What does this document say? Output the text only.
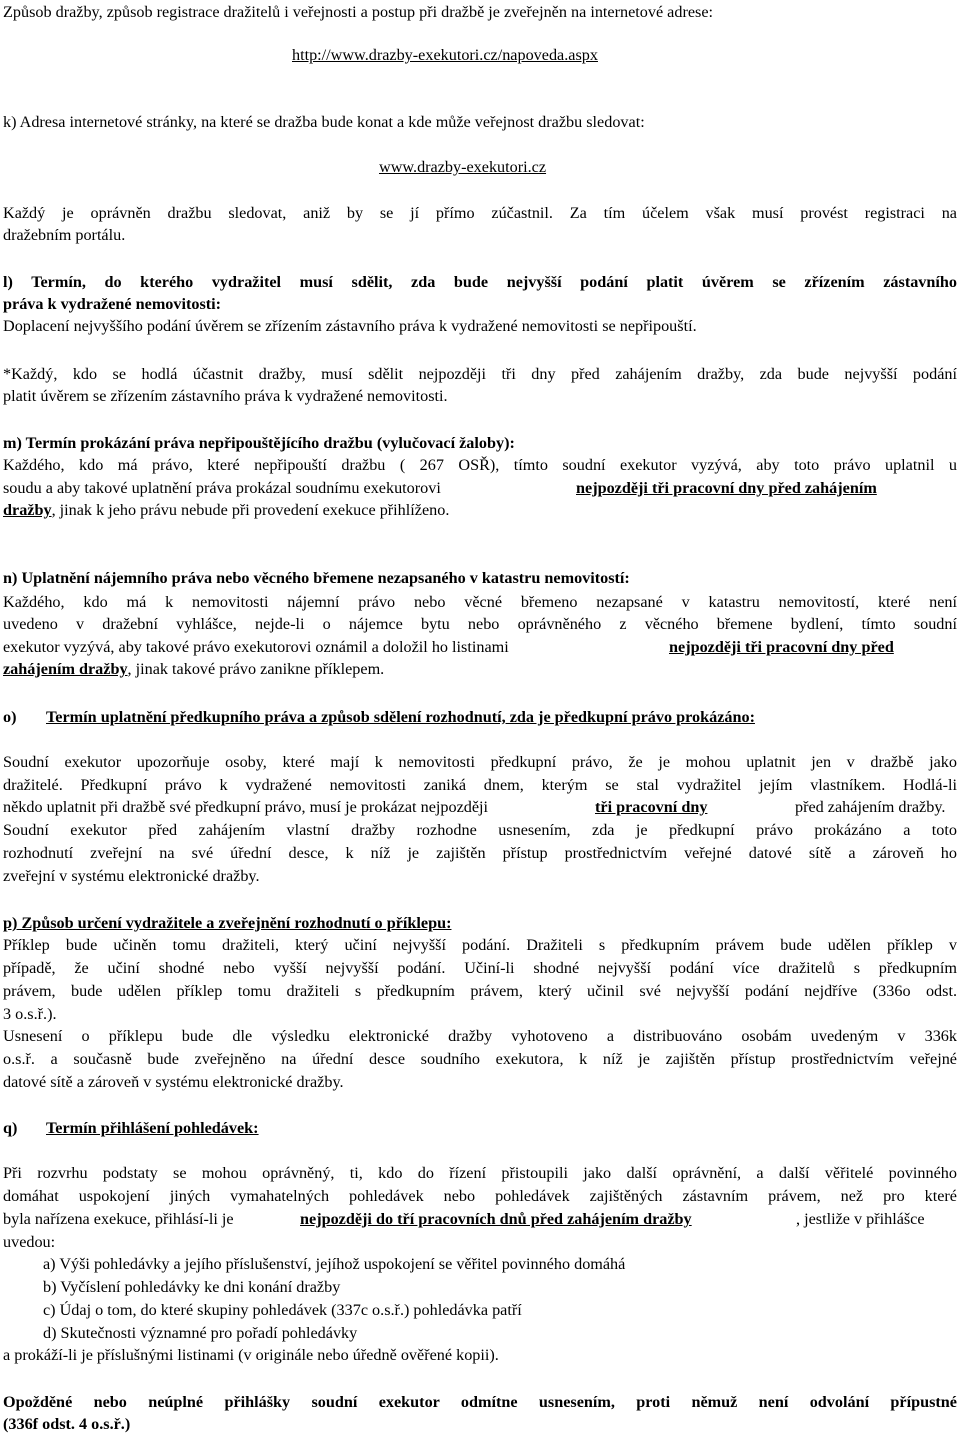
Způsob dražby, způsob registrace dražitelů i veřejnosti a postup při dražbě je zveřejněn na internetové adrese:
http://www.drazby-exekutori.cz/napoveda.aspx
k) Adresa internetové stránky, na které se dražba bude konat a kde může veřejnost dražbu sledovat:
www.drazby-exekutori.cz
Každý je oprávněn dražbu sledovat, aniž by se jí přímo zúčastnil. Za tím účelem však musí provést registraci na
dražebním portálu.
l) Termín, do kterého vydražitel musí sdělit, zda bude nejvyšší podání platit úvěrem se zřízením zástavního
práva k vydražené nemovitosti:
Doplacení nejvyššího podání úvěrem se zřízením zástavního práva k vydražené nemovitosti se nepřipouští.
*Každý, kdo se hodlá účastnit dražby, musí sdělit nejpozději tři dny před zahájením dražby, zda bude nejvyšší podání
platit úvěrem se zřízením zástavního práva k vydražené nemovitosti.
m) Termín prokázání práva nepřipouštějícího dražbu (vylučovací žaloby):
Každého, kdo má právo, které nepřipouští dražbu ( 267 OSŘ), tímto soudní exekutor vyzývá, aby toto právo uplatnil u
soudu a aby takové uplatnění práva prokázal soudnímu exekutorovi	nejpozději tři pracovní dny před zahájením
dražby, jinak k jeho právu nebude při provedení exekuce přihlíženo.
n) Uplatnění nájemního práva nebo věcného břemene nezapsaného v katastru nemovitostí:
Každého, kdo má k nemovitosti nájemní právo nebo věcné břemeno nezapsané v katastru nemovitostí, které není
uvedeno v dražební vyhlášce, nejde-li o nájemce bytu nebo oprávněného z věcného břemene bydlení, tímto soudní
exekutor vyzývá, aby takové právo exekutorovi oznámil a doložil ho listinami	nejpozději tři pracovní dny před
zahájením dražby, jinak takové právo zanikne příklepem.
o) Termín uplatnění předkupního práva a způsob sdělení rozhodnutí, zda je předkupní právo prokázáno:
Soudní exekutor upozorňuje osoby, které mají k nemovitosti předkupní právo, že je mohou uplatnit jen v dražbě jako
dražitelé. Předkupní právo k vydražené nemovitosti zaniká dnem, kterým se stal vydražitel jejím vlastníkem. Hodlá-li
někdo uplatnit při dražbě své předkupní právo, musí je prokázat nejpozději	tři pracovní dny	před zahájením dražby.
Soudní exekutor před zahájením vlastní dražby rozhodne usnesením, zda je předkupní právo prokázáno a toto
rozhodnutí zveřejní na své úřední desce, k níž je zajištěn přístup prostřednictvím veřejné datové sítě a zároveň ho
zveřejní v systému elektronické dražby.
p) Způsob určení vydražitele a zveřejnění rozhodnutí o příklepu:
Příklep bude učiněn tomu dražiteli, který učiní nejvyšší podání. Dražiteli s předkupním právem bude udělen příklep v
případě, že učiní shodné nebo vyšší nejvyšší podání. Učiní-li shodné nejvyšší podání více dražitelů s předkupním
právem, bude udělen příklep tomu dražiteli s předkupním právem, který učinil své nejvyšší podání nejdříve (336o odst.
3 o.s.ř.).
Usnesení o příklepu bude dle výsledku elektronické dražby vyhotoveno a distribuováno osobám uvedeným v 336k
o.s.ř. a současně bude zveřejněno na úřední desce soudního exekutora, k níž je zajištěn přístup prostřednictvím veřejné
datové sítě a zároveň v systému elektronické dražby.
q) Termín přihlášení pohledávek:
Při rozvrhu podstaty se mohou oprávněný, ti, kdo do řízení přistoupili jako další oprávnění, a další věřitelé povinného
domáhat uspokojení jiných vymahatelných pohledávek nebo pohledávek zajištěných zástavním právem, než pro které
byla nařízena exekuce, přihlásí-li je	nejpozději do tří pracovních dnů před zahájením dražby	, jestliže v přihlášce
uvedou:
a) Výši pohledávky a jejího příslušenství, jejíhož uspokojení se věřitel povinného domáhá
b) Vyčíslení pohledávky ke dni konání dražby
c) Údaj o tom, do které skupiny pohledávek (337c o.s.ř.) pohledávka patří
d) Skutečnosti významné pro pořadí pohledávky
a prokáží-li je příslušnými listinami (v originále nebo úředně ověřené kopii).
Opožděné nebo neúplné přihlášky soudní exekutor odmítne usnesením, proti němuž není odvolání přípustné
(336f odst. 4 o.s.ř.)
